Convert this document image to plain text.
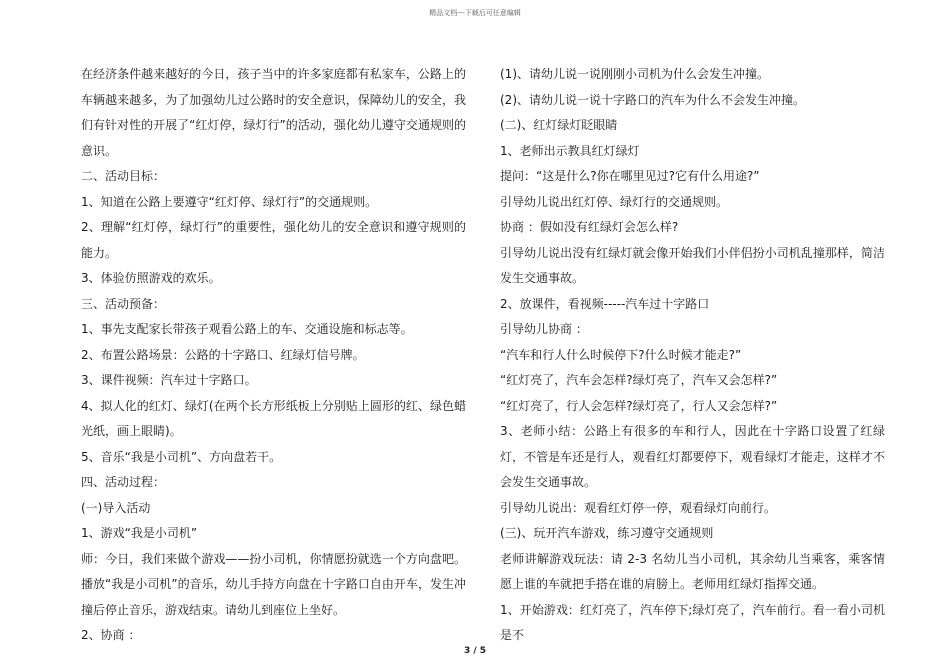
精品文档---下载后可任意编辑

在经济条件越来越好的今日，孩子当中的许多家庭都有私家车，公路上的车辆越来越多，为了加强幼儿过公路时的安全意识，保障幼儿的安全，我们有针对性的开展了“红灯停，绿灯行”的活动，强化幼儿遵守交通规则的意识。

二、活动目标：

1、知道在公路上要遵守“红灯停、绿灯行”的交通规则。

2、理解“红灯停，绿灯行”的重要性，强化幼儿的安全意识和遵守规则的能力。

3、体验仿照游戏的欢乐。

三、活动预备：

1、事先支配家长带孩子观看公路上的车、交通设施和标志等。

2、布置公路场景：公路的十字路口、红绿灯信号牌。

3、课件视频：汽车过十字路口。

4、拟人化的红灯、绿灯(在两个长方形纸板上分别贴上圆形的红、绿色蜡光纸，画上眼睛)。

5、音乐“我是小司机”、方向盘若干。

四、活动过程：

(一)导入活动

1、游戏“我是小司机”

师：今日，我们来做个游戏——扮小司机，你情愿扮就选一个方向盘吧。播放“我是小司机”的音乐，幼儿手持方向盘在十字路口自由开车，发生冲撞后停止音乐，游戏结束。请幼儿到座位上坐好。

2、协商 ：

(1)、请幼儿说一说刚刚小司机为什么会发生冲撞。

(2)、请幼儿说一说十字路口的汽车为什么不会发生冲撞。

(二)、红灯绿灯眨眼睛

1、老师出示教具红灯绿灯

提问：“这是什么?你在哪里见过?它有什么用途?”

引导幼儿说出红灯停、绿灯行的交通规则。

协商 ：假如没有红绿灯会怎么样?

引导幼儿说出没有红绿灯就会像开始我们小伴侣扮小司机乱撞那样，简洁发生交通事故。

2、放课件，看视频-----汽车过十字路口

引导幼儿协商 ：

“汽车和行人什么时候停下?什么时候才能走?”

“红灯亮了，汽车会怎样?绿灯亮了，汽车又会怎样?”

“红灯亮了，行人会怎样?绿灯亮了，行人又会怎样?”

3、老师小结：公路上有很多的车和行人，因此在十字路口设置了红绿灯，不管是车还是行人，观看红灯都要停下，观看绿灯才能走，这样才不会发生交通事故。

引导幼儿说出：观看红灯停一停，观看绿灯向前行。

(三)、玩开汽车游戏，练习遵守交通规则

老师讲解游戏玩法：请 2-3 名幼儿当小司机，其余幼儿当乘客，乘客情愿上谁的车就把手搭在谁的肩膀上。老师用红绿灯指挥交通。

1、开始游戏：红灯亮了，汽车停下;绿灯亮了，汽车前行。看一看小司机是不

3 / 5
